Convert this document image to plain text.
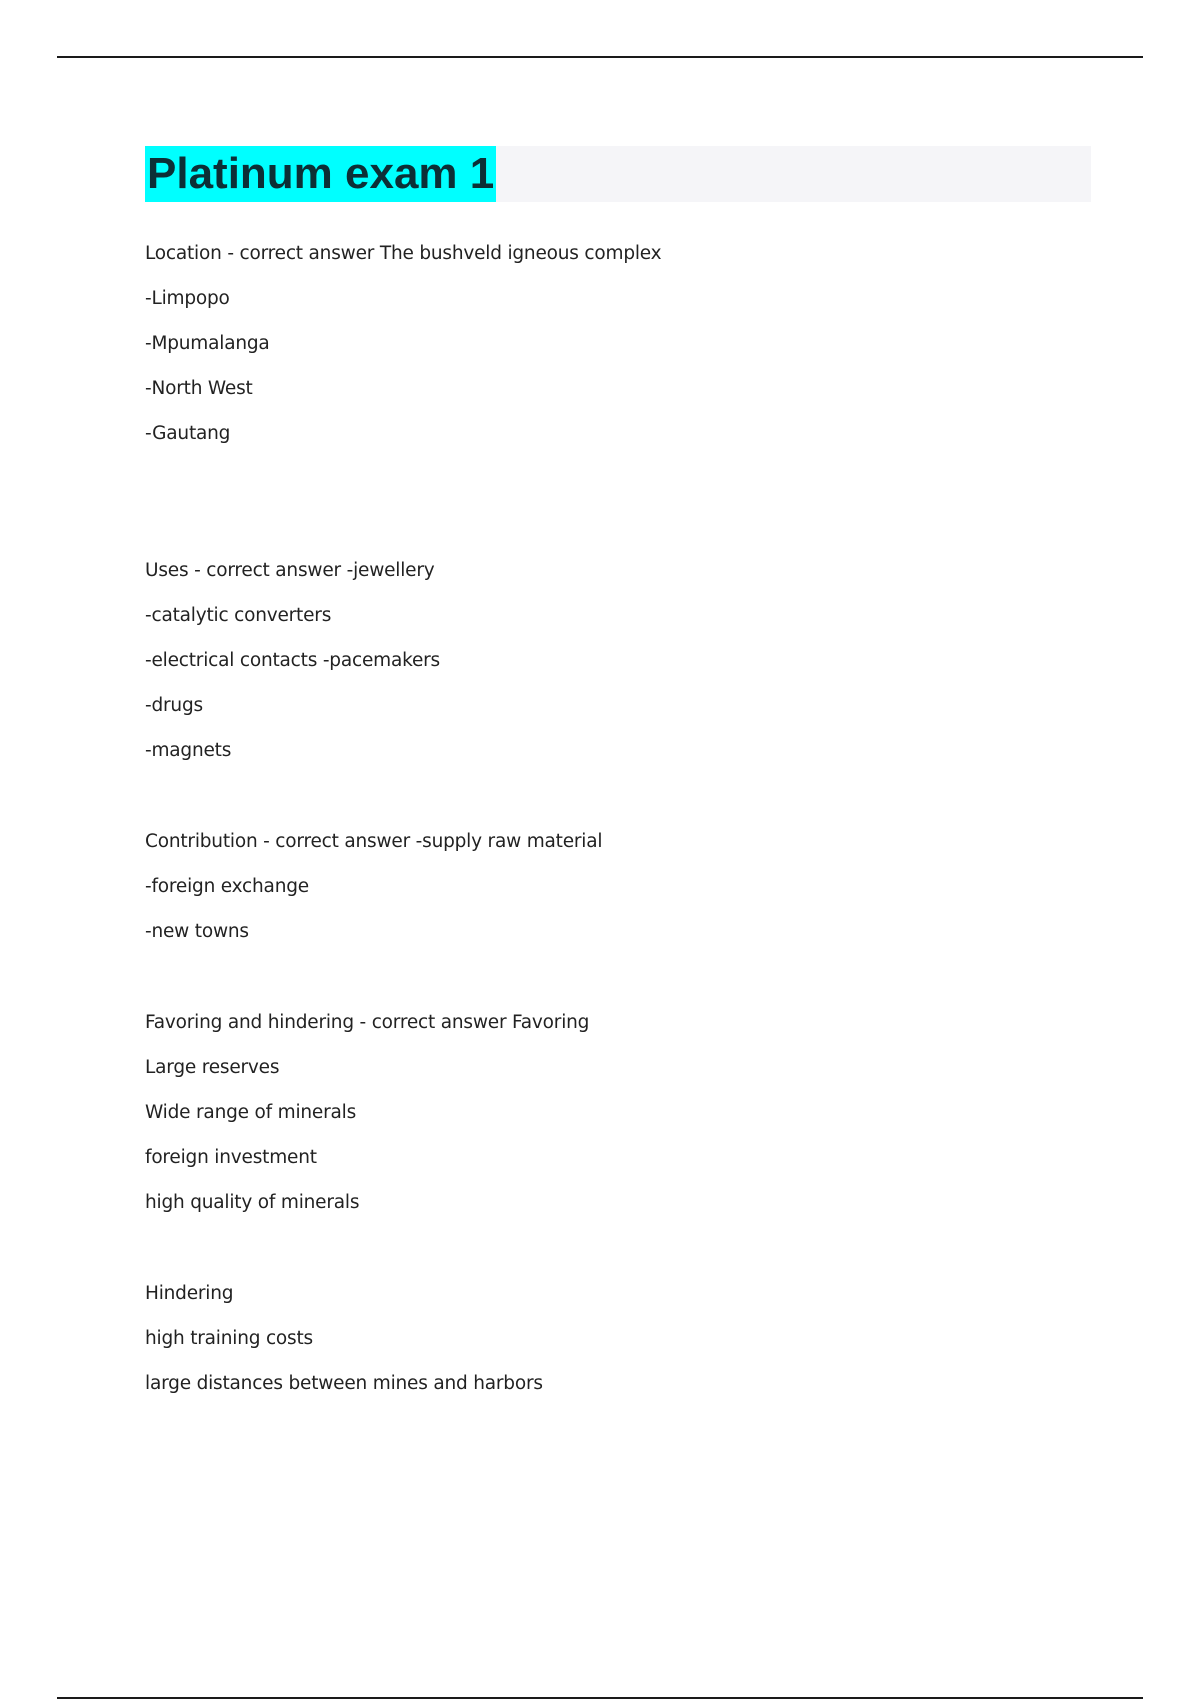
Platinum exam 1
Location - correct answer The bushveld igneous complex
-Limpopo
-Mpumalanga
-North West
-Gautang
Uses - correct answer -jewellery
-catalytic converters
-electrical contacts -pacemakers
-drugs
-magnets
Contribution - correct answer -supply raw material
-foreign exchange
-new towns
Favoring and hindering - correct answer Favoring
Large reserves
Wide range of minerals
foreign investment
high quality of minerals
Hindering
high training costs
large distances between mines and harbors
